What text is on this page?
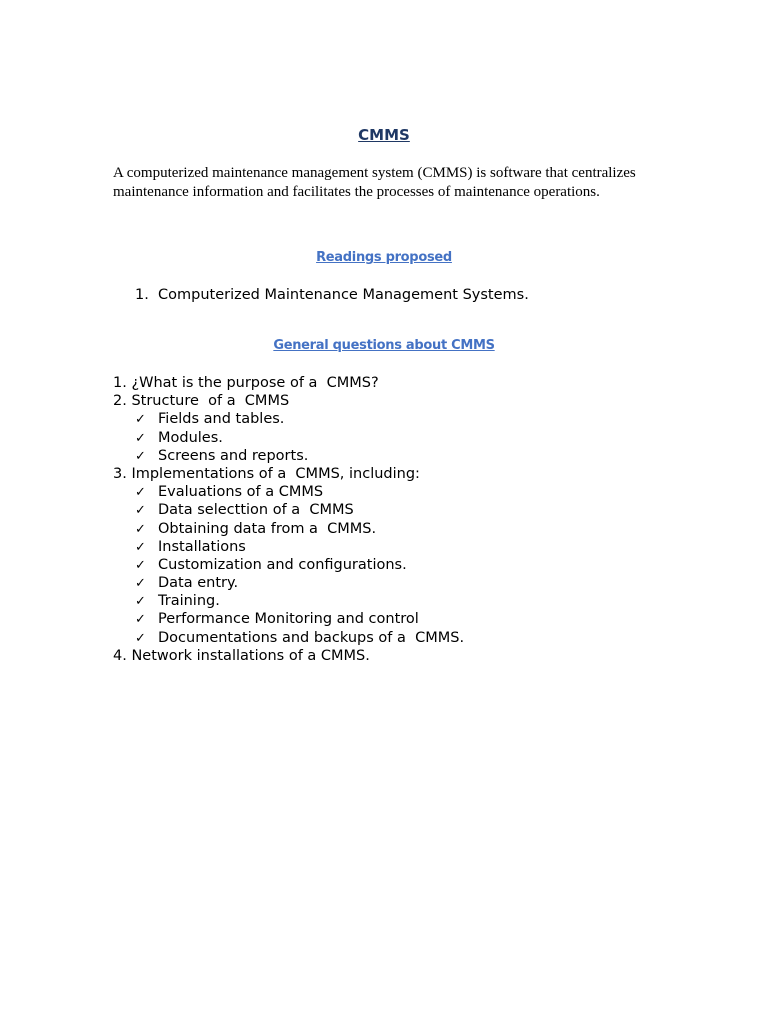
CMMS
A computerized maintenance management system (CMMS) is software that centralizes maintenance information and facilitates the processes of maintenance operations.
Readings proposed
1. Computerized Maintenance Management Systems.
General questions about CMMS
1. ¿What is the purpose of a  CMMS?
2. Structure  of a  CMMS
✓ Fields and tables.
✓ Modules.
✓ Screens and reports.
3. Implementations of a  CMMS, including:
✓ Evaluations of a CMMS
✓ Data selecttion of a  CMMS
✓ Obtaining data from a  CMMS.
✓ Installations
✓ Customization and configurations.
✓ Data entry.
✓ Training.
✓ Performance Monitoring and control
✓ Documentations and backups of a  CMMS.
4. Network installations of a CMMS.
